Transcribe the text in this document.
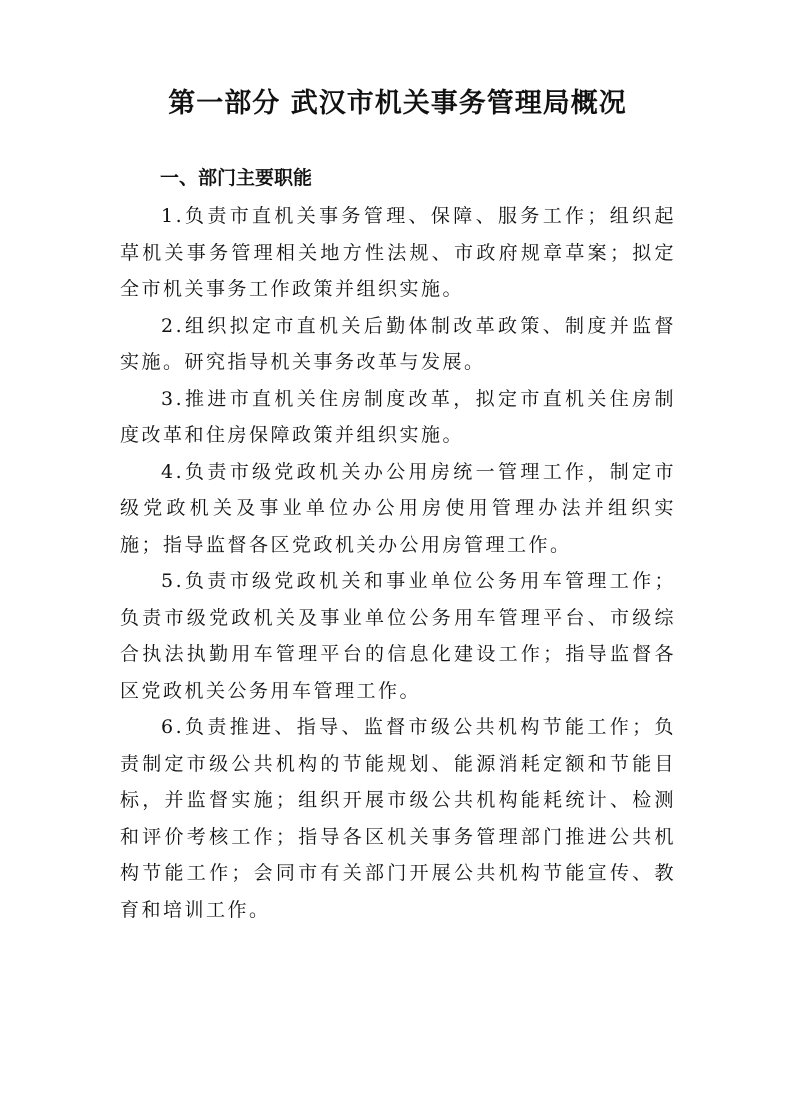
第一部分 武汉市机关事务管理局概况
一、部门主要职能

1.负责市直机关事务管理、保障、服务工作；组织起草机关事务管理相关地方性法规、市政府规章草案；拟定全市机关事务工作政策并组织实施。

2.组织拟定市直机关后勤体制改革政策、制度并监督实施。研究指导机关事务改革与发展。

3.推进市直机关住房制度改革，拟定市直机关住房制度改革和住房保障政策并组织实施。

4.负责市级党政机关办公用房统一管理工作，制定市级党政机关及事业单位办公用房使用管理办法并组织实施；指导监督各区党政机关办公用房管理工作。

5.负责市级党政机关和事业单位公务用车管理工作；负责市级党政机关及事业单位公务用车管理平台、市级综合执法执勤用车管理平台的信息化建设工作；指导监督各区党政机关公务用车管理工作。

6.负责推进、指导、监督市级公共机构节能工作；负责制定市级公共机构的节能规划、能源消耗定额和节能目标，并监督实施；组织开展市级公共机构能耗统计、检测和评价考核工作；指导各区机关事务管理部门推进公共机构节能工作；会同市有关部门开展公共机构节能宣传、教育和培训工作。
